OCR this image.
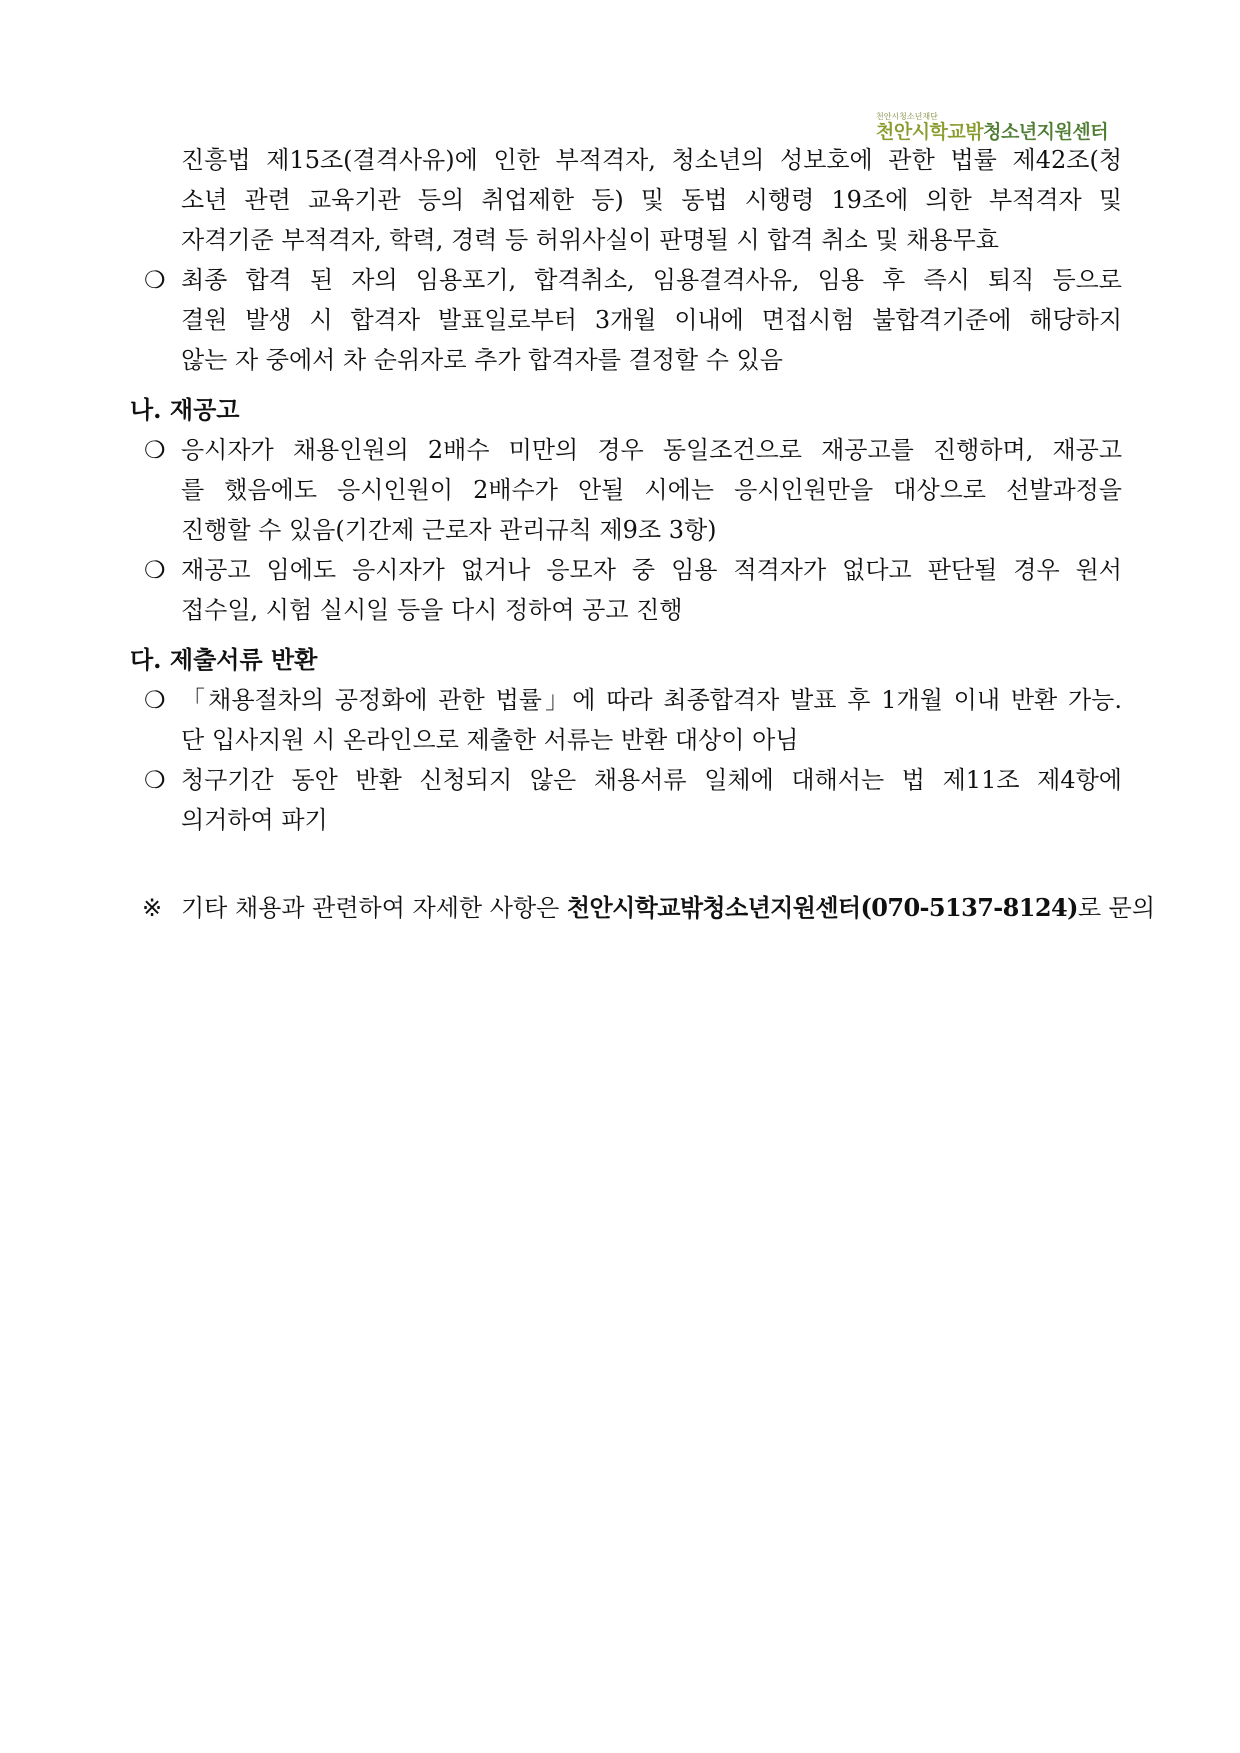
천안시청소년재단
천안시학교밖청소년지원센터
진흥법 제15조(결격사유)에 인한 부적격자, 청소년의 성보호에 관한 법률 제42조(청
소년 관련 교육기관 등의 취업제한 등) 및 동법 시행령 19조에 의한 부적격자 및
자격기준 부적격자, 학력, 경력 등 허위사실이 판명될 시 합격 취소 및 채용무효
❍ 최종 합격 된 자의 임용포기, 합격취소, 임용결격사유, 임용 후 즉시 퇴직 등으로
결원 발생 시 합격자 발표일로부터 3개월 이내에 면접시험 불합격기준에 해당하지
않는 자 중에서 차 순위자로 추가 합격자를 결정할 수 있음
나. 재공고
❍ 응시자가 채용인원의 2배수 미만의 경우 동일조건으로 재공고를 진행하며, 재공고
를 했음에도 응시인원이 2배수가 안될 시에는 응시인원만을 대상으로 선발과정을
진행할 수 있음(기간제 근로자 관리규칙 제9조 3항)
❍ 재공고 임에도 응시자가 없거나 응모자 중 임용 적격자가 없다고 판단될 경우 원서
접수일, 시험 실시일 등을 다시 정하여 공고 진행
다. 제출서류 반환
❍ 「채용절차의 공정화에 관한 법률」에 따라 최종합격자 발표 후 1개월 이내 반환 가능.
단 입사지원 시 온라인으로 제출한 서류는 반환 대상이 아님
❍ 청구기간 동안 반환 신청되지 않은 채용서류 일체에 대해서는 법 제11조 제4항에
의거하여 파기
※ 기타 채용과 관련하여 자세한 사항은 천안시학교밖청소년지원센터(070-5137-8124)로 문의
